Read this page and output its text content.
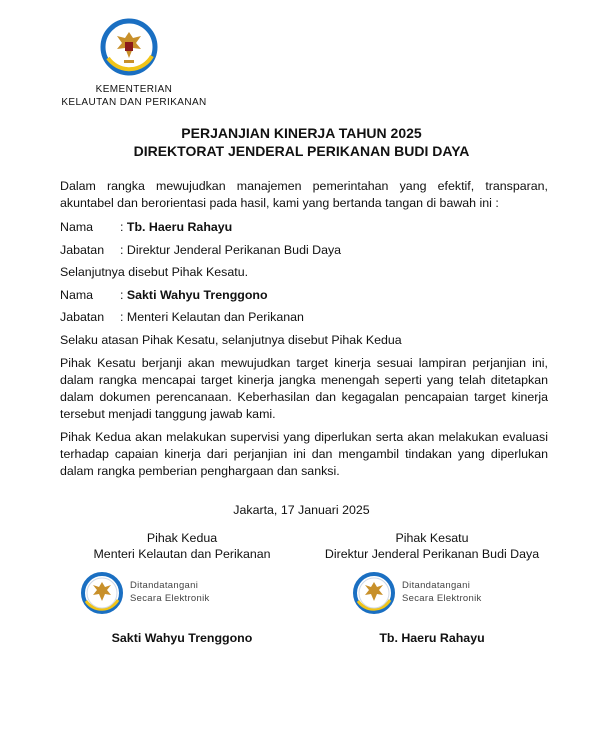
KEMENTERIAN
KELAUTAN DAN PERIKANAN
PERJANJIAN KINERJA TAHUN 2025
DIREKTORAT JENDERAL PERIKANAN BUDI DAYA
Dalam rangka mewujudkan manajemen pemerintahan yang efektif, transparan, akuntabel dan berorientasi pada hasil, kami yang bertanda tangan di bawah ini :
Nama : Tb. Haeru Rahayu
Jabatan : Direktur Jenderal Perikanan Budi Daya
Selanjutnya disebut Pihak Kesatu.
Nama : Sakti Wahyu Trenggono
Jabatan : Menteri Kelautan dan Perikanan
Selaku atasan Pihak Kesatu, selanjutnya disebut Pihak Kedua
Pihak Kesatu berjanji akan mewujudkan target kinerja sesuai lampiran perjanjian ini, dalam rangka mencapai target kinerja jangka menengah seperti yang telah ditetapkan dalam dokumen perencanaan. Keberhasilan dan kegagalan pencapaian target kinerja tersebut menjadi tanggung jawab kami.
Pihak Kedua akan melakukan supervisi yang diperlukan serta akan melakukan evaluasi terhadap capaian kinerja dari perjanjian ini dan mengambil tindakan yang diperlukan dalam rangka pemberian penghargaan dan sanksi.
Jakarta, 17 Januari 2025
Pihak Kedua
Menteri Kelautan dan Perikanan
Ditandatangani
Secara Elektronik
Sakti Wahyu Trenggono
Pihak Kesatu
Direktur Jenderal Perikanan Budi Daya
Ditandatangani
Secara Elektronik
Tb. Haeru Rahayu
